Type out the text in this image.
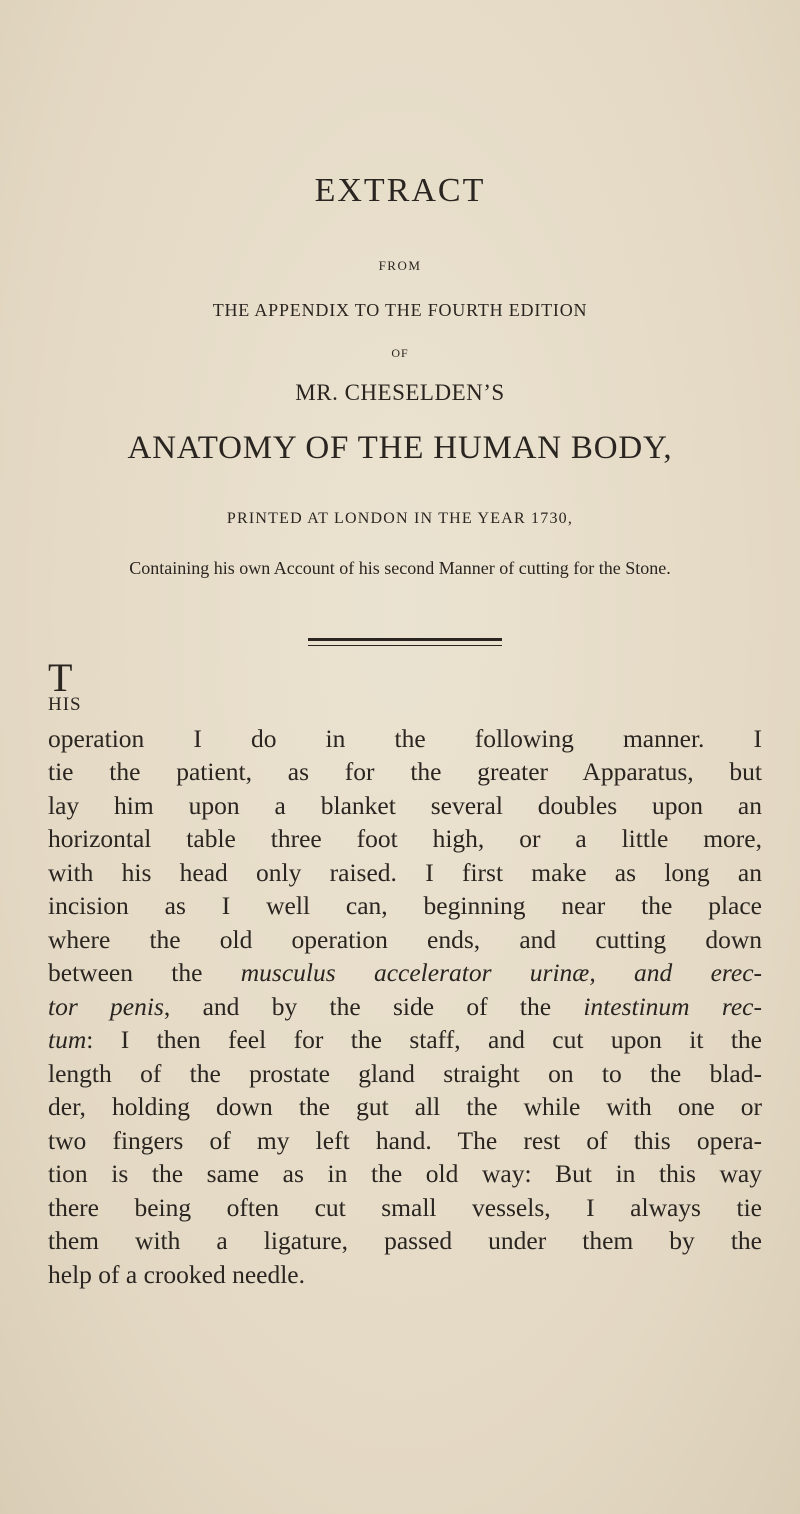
EXTRACT
FROM
THE APPENDIX TO THE FOURTH EDITION
OF
MR. CHESELDEN’S
ANATOMY OF THE HUMAN BODY,
PRINTED AT LONDON IN THE YEAR 1730,
Containing his own Account of his second Manner of cutting for the Stone.
T
HIS
operation I do in the following manner. I
tie the patient, as for the greater Apparatus, but
lay him upon a blanket several doubles upon an
horizontal table three foot high, or a little more,
with his head only raised. I first make as long an
incision as I well can, beginning near the place
where the old operation ends, and cutting down
between the musculus accelerator urinæ, and erec-
tor penis, and by the side of the intestinum rec-
tum: I then feel for the staff, and cut upon it the
length of the prostate gland straight on to the blad-
der, holding down the gut all the while with one or
two fingers of my left hand. The rest of this opera-
tion is the same as in the old way: But in this way
there being often cut small vessels, I always tie
them with a ligature, passed under them by the
help of a crooked needle.
